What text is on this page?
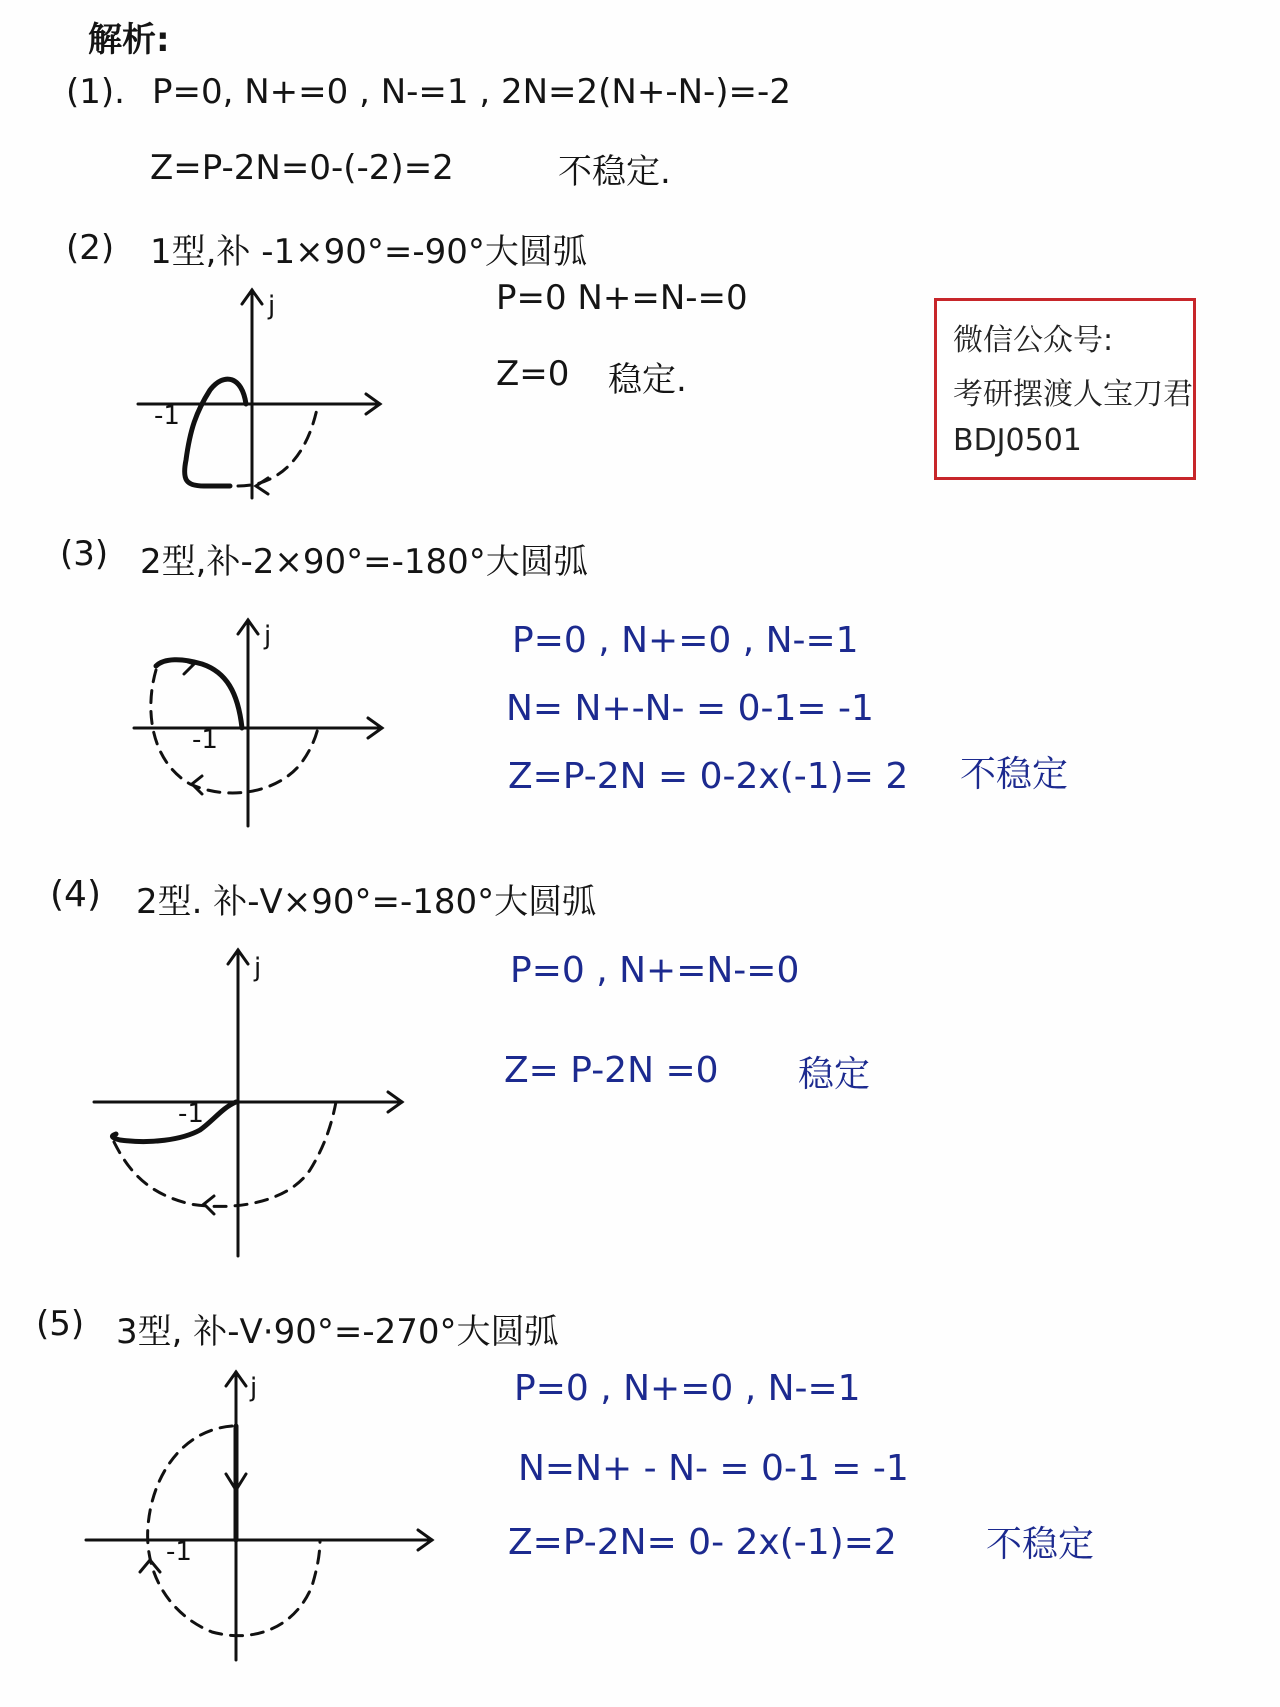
解析:
(1). P=0, N+=0 , N-=1 , 2N=2(N+-N-)=-2
Z=P-2N=0-(-2)=2	不稳定.
(2) 1型,补 -1×90°=-90°大圆弧
P=0 N+=N-=0
Z=0 稳定.
微信公众号:
考研摆渡人宝刀君
BDJ0501
j
-1
(3) 2型,补-2×90°=-180°大圆弧
P=0 , N+=0 , N-=1
N= N+-N- = 0-1= -1
Z=P-2N = 0-2x(-1)= 2 不稳定
j
-1
(4) 2型. 补-V×90°=-180°大圆弧
P=0 , N+=N-=0
Z= P-2N =0 稳定
j
-1
(5) 3型, 补-V·90°=-270°大圆弧
P=0 , N+=0 , N-=1
N=N+ - N- = 0-1 = -1
Z=P-2N= 0- 2x(-1)=2 不稳定
j
-1
